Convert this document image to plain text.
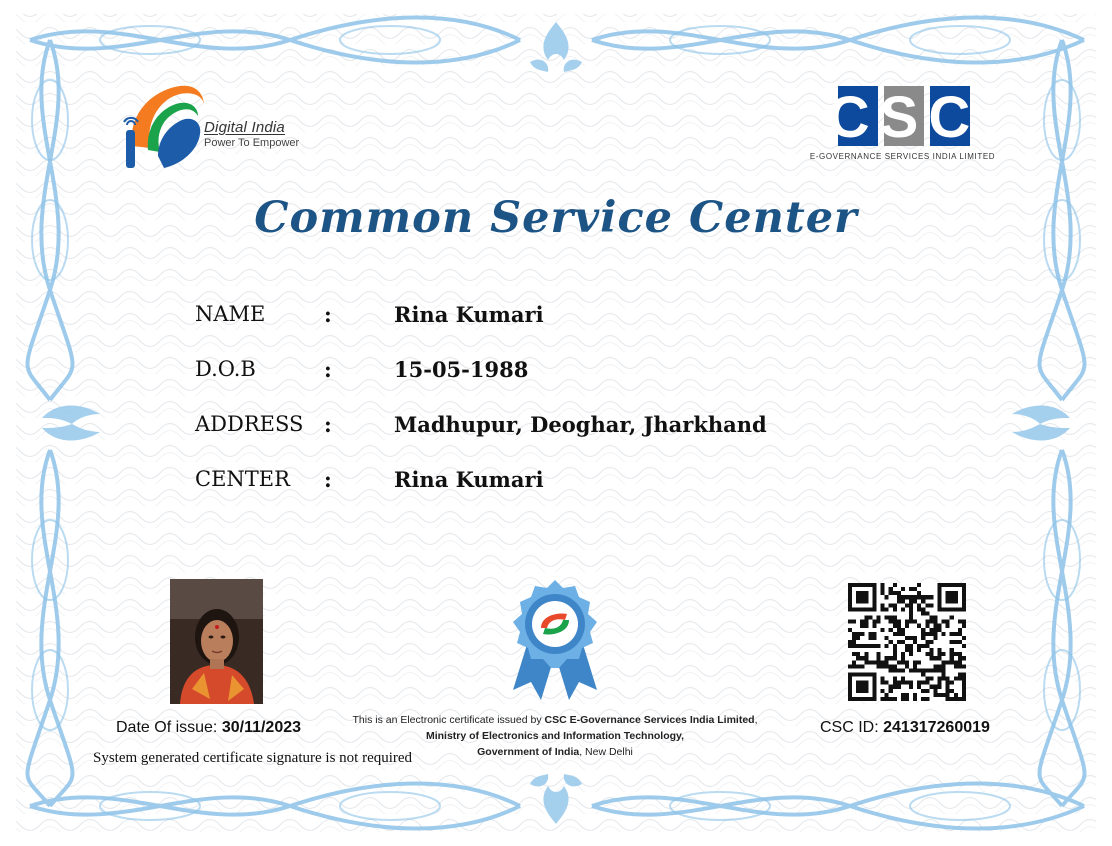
Digital India
Power To Empower	CSC
E-GOVERNANCE SERVICES INDIA LIMITED
Common Service Center
NAME	:	Rina Kumari
D.O.B	:	15-05-1988
ADDRESS :	Madhupur, Deoghar, Jharkhand
CENTER :	Rina Kumari
Date Of issue: 30/11/2023
System generated certificate signature is not required
This is an Electronic certificate issued by CSC E-Governance Services India Limited,
Ministry of Electronics and Information Technology,
Government of India, New Delhi
CSC ID: 241317260019
